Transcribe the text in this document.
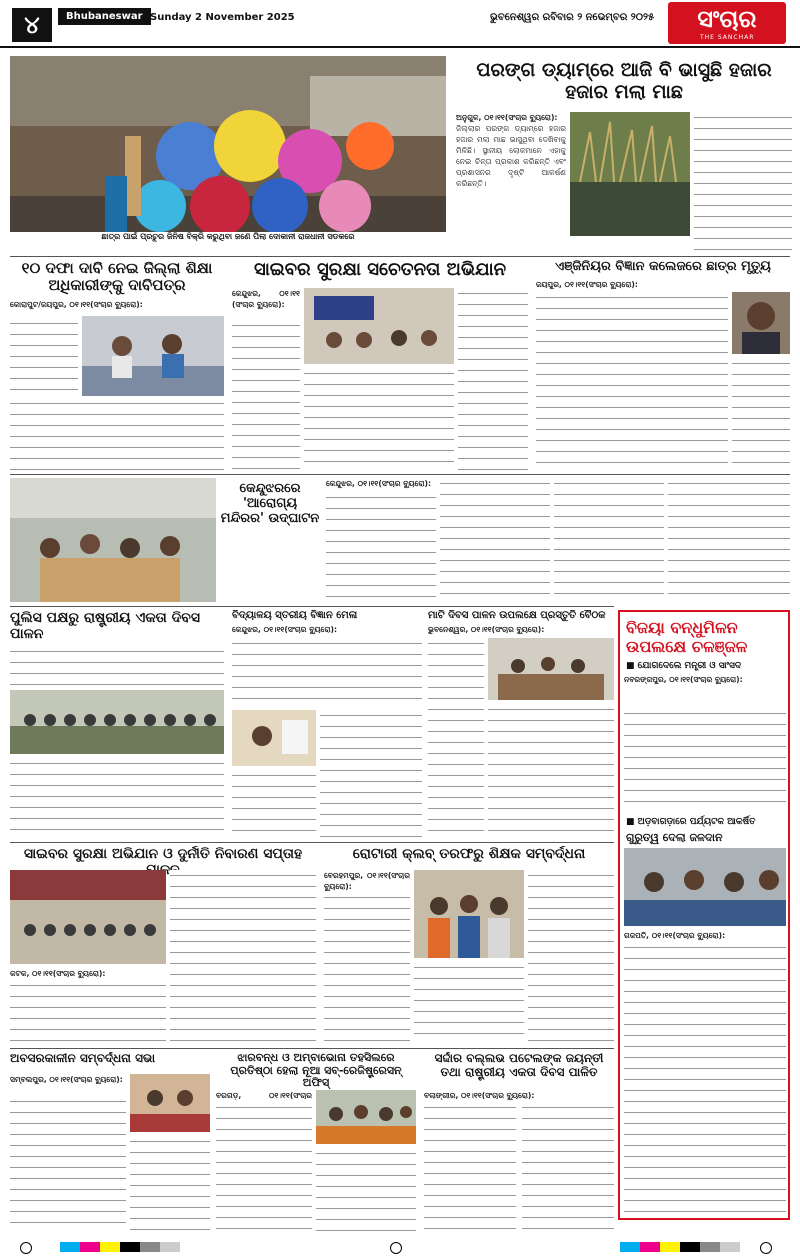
୪	Bhubaneswar Sunday 2 November 2025	ଭୁବନେଶ୍ୱର ରବିବାର ୨ ନଭେମ୍ବର ୨୦୨୫	ସଂଚାର
THE SANCHAR
ଛାତ୍ର ପାଇଁ ପ୍ରଚୁର ଜିନିଷ ବିକ୍ରି କରୁଥିବା ଜଣେ ପିଲା ଦୋକାନୀ ରାଜଧାନୀ ସଡକରେ
ପରଙ୍ଗ ଡ୍ୟାମ୍‌ରେ ଆଜି ବି ଭାସୁଛି ହଜାର ହଜାର ମଲା ମାଛ
ଅନୁଗୁଳ, ୦୧।୧୧(ସଂଚାର ବ୍ୟୁରୋ):
ଜିଲ୍ଲାର ପରଙ୍ଗ ଡ୍ୟାମ୍‌ରେ ହଜାର ହଜାର ମଲା ମାଛ ଭାସୁଥିବା ଦେଖିବାକୁ ମିଳିଛି। ସ୍ଥାନୀୟ ଲୋକମାନେ ଏହାକୁ ନେଇ ଚିନ୍ତା ପ୍ରକାଶ କରିଛନ୍ତି ଏବଂ ପ୍ରଶାସନର ଦୃଷ୍ଟି ଆକର୍ଷଣ କରିଛନ୍ତି।
୧୦ ଦଫା ଦାବି ନେଇ ଜିଲ୍ଲା ଶିକ୍ଷା ଅଧିକାରୀଙ୍କୁ ଦାବିପତ୍ର
କୋରାପୁଟ/ଜୟପୁର, ୦୧।୧୧(ସଂଚାର ବ୍ୟୁରୋ):
ସାଇବର ସୁରକ୍ଷା ସଚେତନତା ଅଭିଯାନ
କେନ୍ଦୁଝର, ୦୧।୧୧ (ସଂଚାର ବ୍ୟୁରୋ):
ଏଞ୍ଜିନିୟର ବିଜ୍ଞାନ କଲେଜରେ ଛାତ୍ର ମୃତ୍ୟୁ
ଜୟପୁର, ୦୧।୧୧(ସଂଚାର ବ୍ୟୁରୋ):
କେନ୍ଦୁଝରରେ 'ଆରୋଗ୍ୟ ମନ୍ଦିରର' ଉଦ୍‌ଘାଟନ
କେନ୍ଦୁଝର, ୦୧।୧୧(ସଂଚାର ବ୍ୟୁରୋ):
ପୁଲିସ ପକ୍ଷରୁ ରାଷ୍ଟ୍ରୀୟ ଏକତା ଦିବସ ପାଳନ
ବିଦ୍ୟାଳୟ ସ୍ତରୀୟ ବିଜ୍ଞାନ ମେଳା
କେନ୍ଦୁଝର, ୦୧।୧୧(ସଂଚାର ବ୍ୟୁରୋ):
ମାଟି ଦିବସ ପାଳନ ଉପଲକ୍ଷେ ପ୍ରସ୍ତୁତି ବୈଠକ
ଭୁବନେଶ୍ୱର, ୦୧।୧୧(ସଂଚାର ବ୍ୟୁରୋ):	ବିଜୟା ବନ୍ଧୁମିଳନ ଉପଲକ୍ଷେ ଚଳଞ୍ଜଳ
■ ଯୋଗଦେଲେ ମନ୍ତ୍ରୀ ଓ ସାଂସଦ
ନବରଙ୍ଗପୁର, ୦୧।୧୧(ସଂଚାର ବ୍ୟୁରୋ):
■ ଅଡ଼ବାଗଡ଼ାରେ ପର୍ଯ୍ୟଟକ ଆକର୍ଷିତ
ଗୁରୁତ୍ୱ ଦେଲା ଜଳଦାନ
ଗଜପତି, ୦୧।୧୧(ସଂଚାର ବ୍ୟୁରୋ):
ସାଇବର ସୁରକ୍ଷା ଅଭିଯାନ ଓ ଦୁର୍ନୀତି ନିବାରଣ ସପ୍ତାହ
କଟକ, ୦୧।୧୧(ସଂଚାର ବ୍ୟୁରୋ):
ରୋଟାରୀ କ୍ଲବ୍ ତରଫରୁ ଶିକ୍ଷକ ସମ୍ବର୍ଦ୍ଧନା
ବେରହମପୁର, ୦୧।୧୧(ସଂଚାର ବ୍ୟୁରୋ):
ଅବସରକାଳୀନ ସମ୍ବର୍ଦ୍ଧନା ସଭା
ସମ୍ବଲପୁର, ୦୧।୧୧(ସଂଚାର ବ୍ୟୁରୋ):
ଝାରବନ୍ଧ ଓ ଅମ୍ବାଭୋନା ତହସିଲରେ ପ୍ରତିଷ୍ଠା ହେଲା ନୂଆ ସବ୍-ରେଜିଷ୍ଟ୍ରେସନ୍ ଅଫିସ୍
ବରଗଡ଼, ୦୧।୧୧(ସଂଚାର
ସର୍ଦ୍ଦାର ବଲ୍ଲଭ ପଟେଲଙ୍କ ଜୟନ୍ତୀ ତଥା ରାଷ୍ଟ୍ରୀୟ ଏକତା ଦିବସ ପାଳିତ
ବଲାଙ୍ଗୀର, ୦୧।୧୧(ସଂଚାର ବ୍ୟୁରୋ):
